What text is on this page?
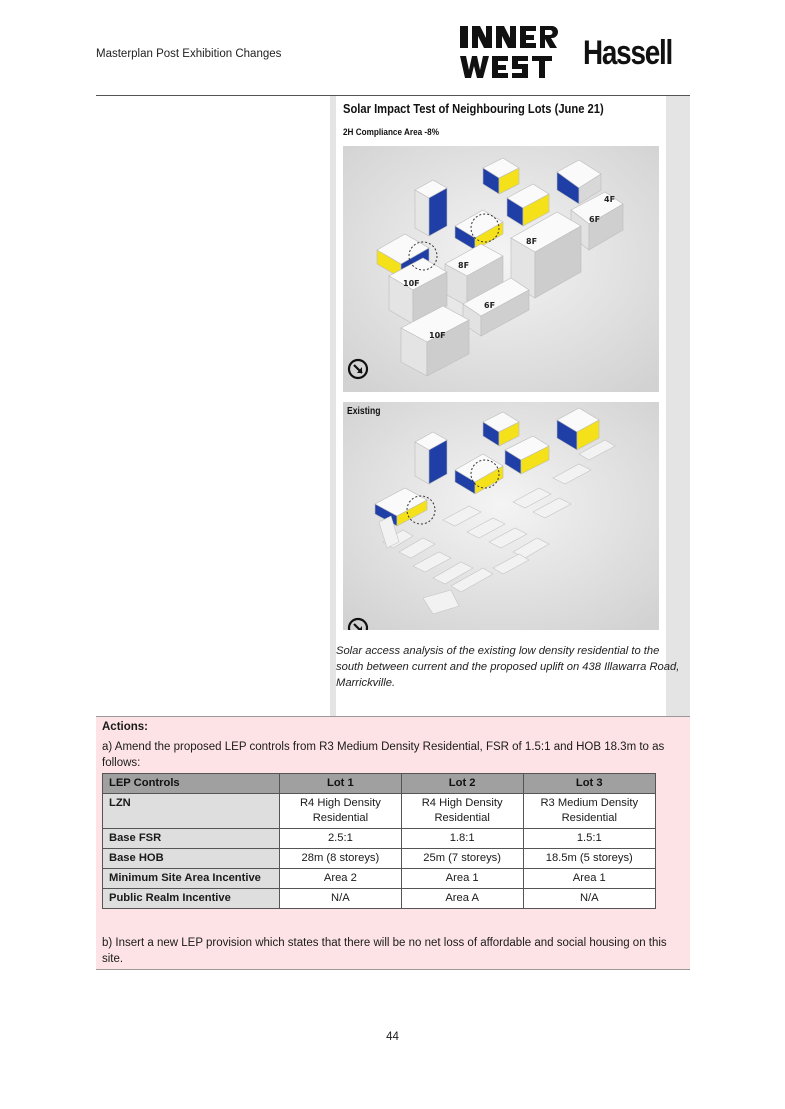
Masterplan Post Exhibition Changes	Hassell
Solar Impact Test of Neighbouring Lots (June 21)
2H Compliance Area -8%
4F
6F
8F
8F
10F
6F
10F
Existing
Solar access analysis of the existing low density residential to the south between current and the proposed uplift on 438 Illawarra Road, Marrickville.
Actions:
a) Amend the proposed LEP controls from R3 Medium Density Residential, FSR of 1.5:1 and HOB 18.3m to as follows:
LEP Controls	Lot 1	Lot 2	Lot 3
LZN	R4 High Density Residential	R4 High Density Residential	R3 Medium Density Residential
Base FSR	2.5:1	1.8:1	1.5:1
Base HOB	28m (8 storeys)	25m (7 storeys)	18.5m (5 storeys)
Minimum Site Area Incentive	Area 2	Area 1	Area 1
Public Realm Incentive	N/A	Area A	N/A
b) Insert a new LEP provision which states that there will be no net loss of affordable and social housing on this site.
44
